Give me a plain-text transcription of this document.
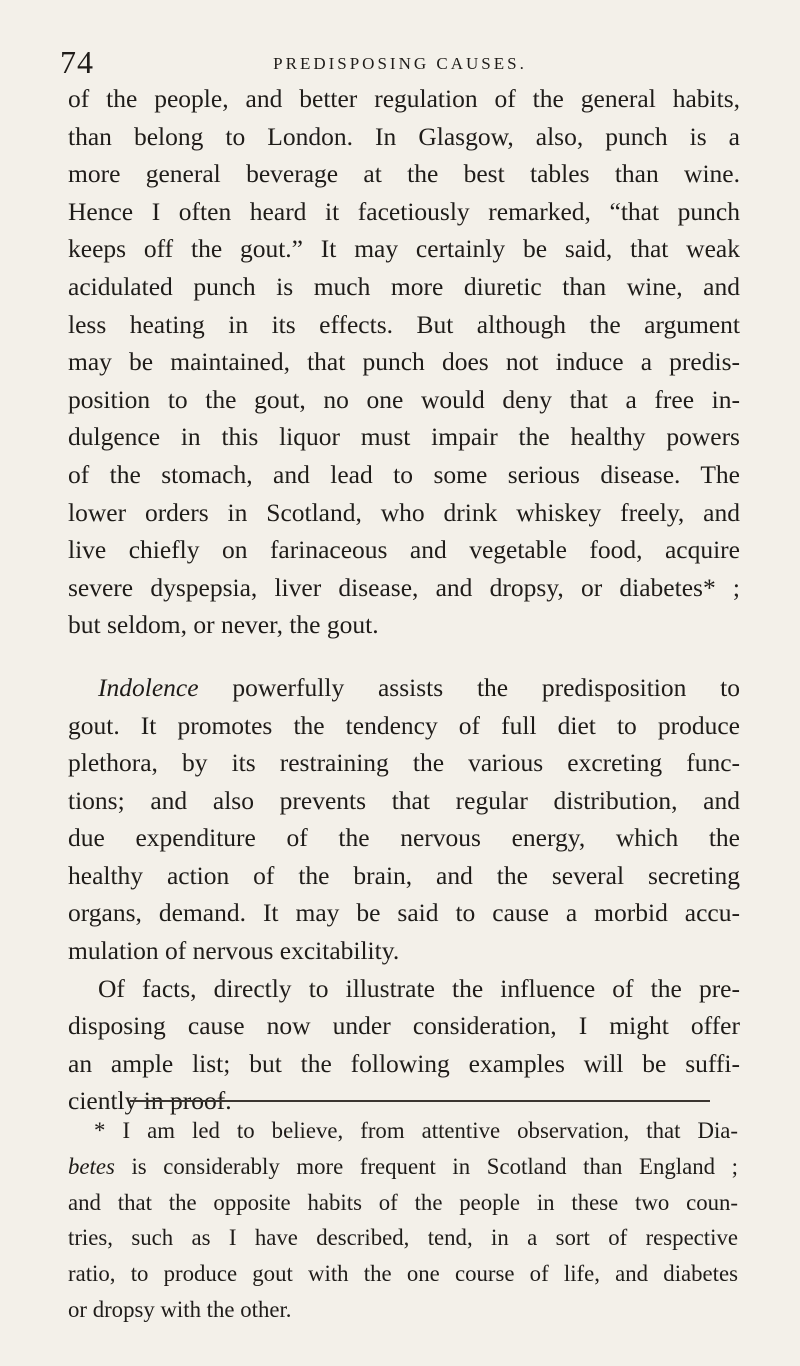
74	PREDISPOSING CAUSES.
of the people, and better regulation of the general habits,
than belong to London. In Glasgow, also, punch is a
more general beverage at the best tables than wine.
Hence I often heard it facetiously remarked, “that punch
keeps off the gout.” It may certainly be said, that weak
acidulated punch is much more diuretic than wine, and
less heating in its effects. But although the argument
may be maintained, that punch does not induce a predis-
position to the gout, no one would deny that a free in-
dulgence in this liquor must impair the healthy powers
of the stomach, and lead to some serious disease. The
lower orders in Scotland, who drink whiskey freely, and
live chiefly on farinaceous and vegetable food, acquire
severe dyspepsia, liver disease, and dropsy, or diabetes* ;
but seldom, or never, the gout.
Indolence powerfully assists the predisposition to
gout. It promotes the tendency of full diet to produce
plethora, by its restraining the various excreting func-
tions; and also prevents that regular distribution, and
due expenditure of the nervous energy, which the
healthy action of the brain, and the several secreting
organs, demand. It may be said to cause a morbid accu-
mulation of nervous excitability.
Of facts, directly to illustrate the influence of the pre-
disposing cause now under consideration, I might offer
an ample list; but the following examples will be suffi-
ciently in proof.
* I am led to believe, from attentive observation, that Dia-
betes is considerably more frequent in Scotland than England ;
and that the opposite habits of the people in these two coun-
tries, such as I have described, tend, in a sort of respective
ratio, to produce gout with the one course of life, and diabetes
or dropsy with the other.
